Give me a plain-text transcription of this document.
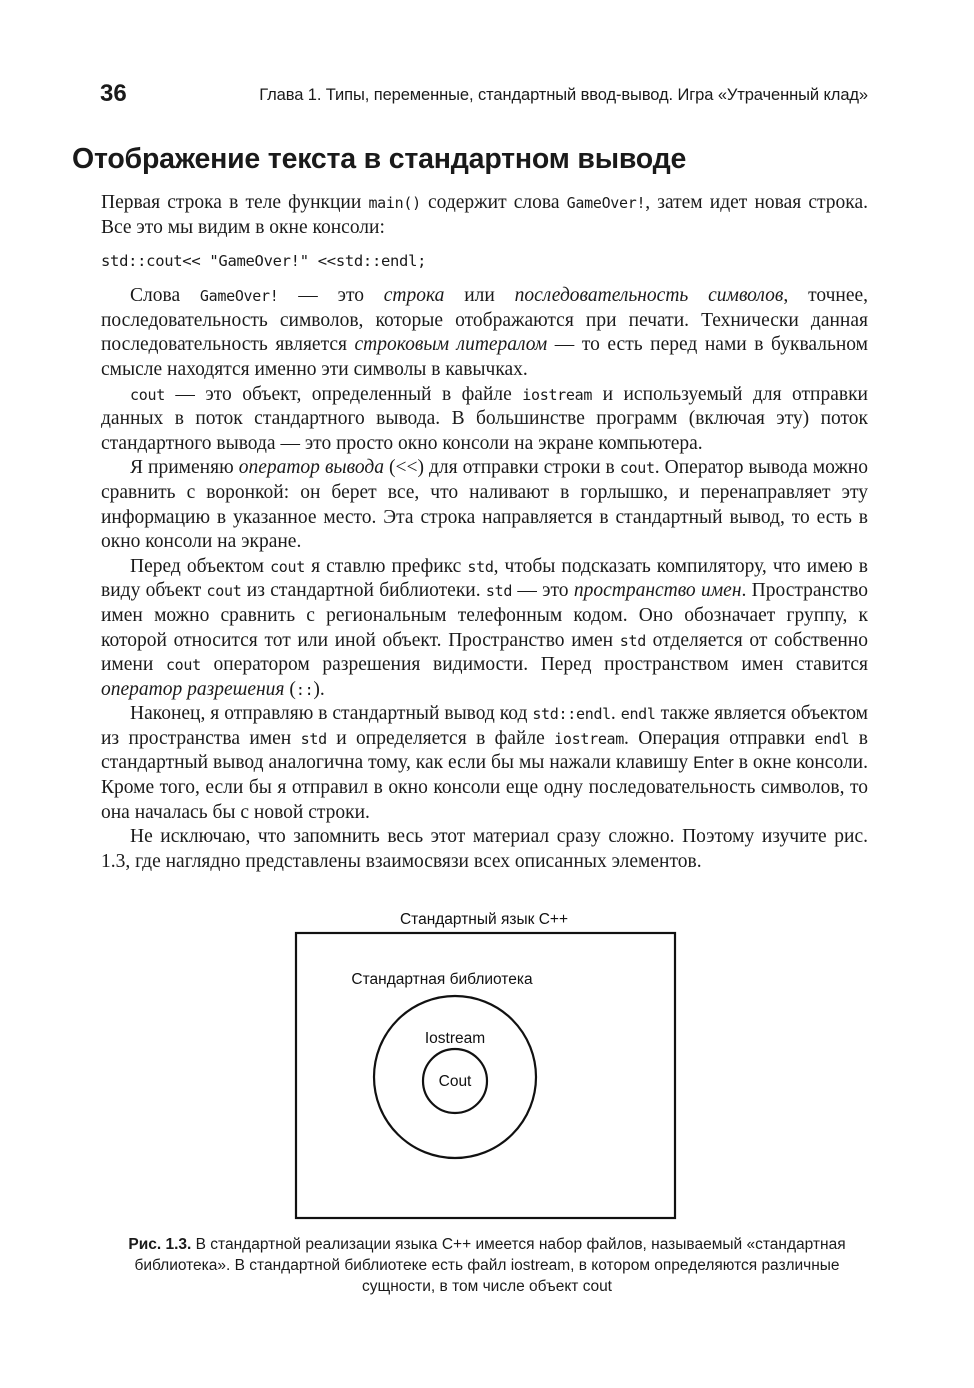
36	Глава 1. Типы, переменные, стандартный ввод-вывод. Игра «Утраченный клад»
Отображение текста в стандартном выводе

Первая строка в теле функции main() содержит слова GameOver!, затем идет новая строка. Все это мы видим в окне консоли:

std::cout<< "GameOver!" <<std::endl;

Слова GameOver! — это строка или последовательность символов, точнее, последовательность символов, которые отображаются при печати. Технически данная последовательность является строковым литералом — то есть перед нами в буквальном смысле находятся именно эти символы в кавычках.

cout — это объект, определенный в файле iostream и используемый для отправки данных в поток стандартного вывода. В большинстве программ (включая эту) поток стандартного вывода — это просто окно консоли на экране компьютера.

Я применяю оператор вывода (<<) для отправки строки в cout. Оператор вывода можно сравнить с воронкой: он берет все, что наливают в горлышко, и перенаправляет эту информацию в указанное место. Эта строка направляется в стандартный вывод, то есть в окно консоли на экране.

Перед объектом cout я ставлю префикс std, чтобы подсказать компилятору, что имею в виду объект cout из стандартной библиотеки. std — это пространство имен. Пространство имен можно сравнить с региональным телефонным кодом. Оно обозначает группу, к которой относится тот или иной объект. Пространство имен std отделяется от собственно имени cout оператором разрешения видимости. Перед пространством имен ставится оператор разрешения (::).

Наконец, я отправляю в стандартный вывод код std::endl. endl также является объектом из пространства имен std и определяется в файле iostream. Операция отправки endl в стандартный вывод аналогична тому, как если бы мы нажали клавишу Enter в окне консоли. Кроме того, если бы я отправил в окно консоли еще одну последовательность символов, то она началась бы с новой строки.

Не исключаю, что запомнить весь этот материал сразу сложно. Поэтому изучите рис. 1.3, где наглядно представлены взаимосвязи всех описанных элементов.

Стандартный язык C++
Стандартная библиотека
Iostream
Cout
Рис. 1.3. В стандартной реализации языка C++ имеется набор файлов, называемый «стандартная библиотека». В стандартной библиотеке есть файл iostream, в котором определяются различные сущности, в том числе объект cout
